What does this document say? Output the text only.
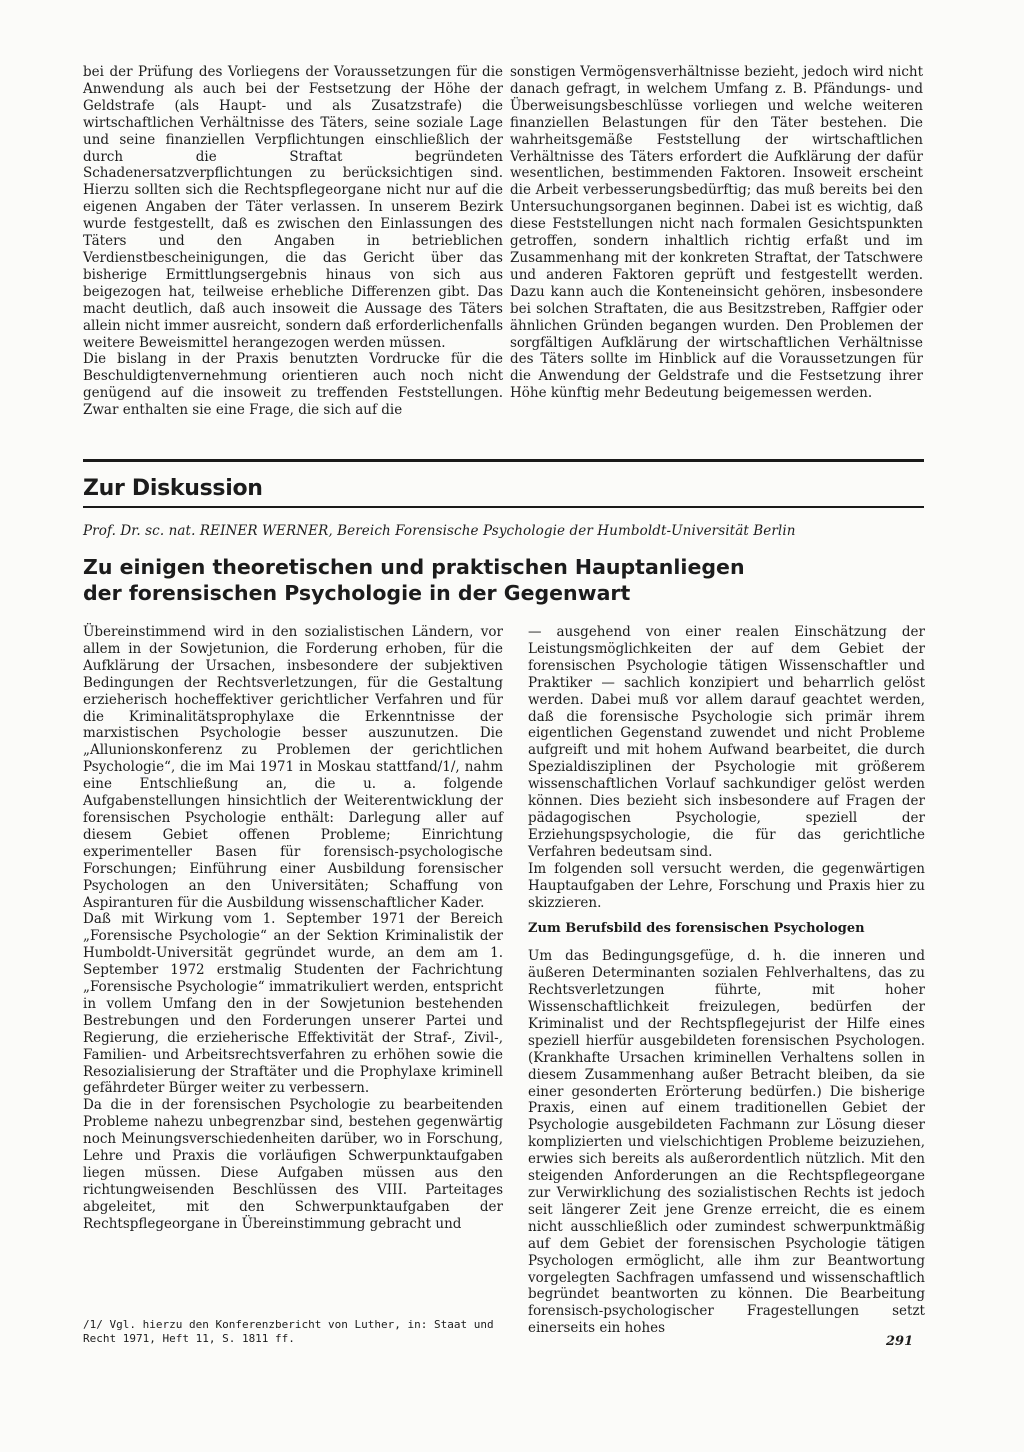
bei der Prüfung des Vorliegens der Voraussetzungen für die Anwendung als auch bei der Festsetzung der Höhe der Geldstrafe (als Haupt- und als Zusatzstrafe) die wirtschaftlichen Verhältnisse des Täters, seine soziale Lage und seine finanziellen Verpflichtungen einschließlich der durch die Straftat begründeten Schadenersatzverpflichtungen zu berücksichtigen sind. Hierzu sollten sich die Rechtspflegeorgane nicht nur auf die eigenen Angaben der Täter verlassen. In unserem Bezirk wurde festgestellt, daß es zwischen den Einlassungen des Täters und den Angaben in betrieblichen Verdienstbescheinigungen, die das Gericht über das bisherige Ermittlungsergebnis hinaus von sich aus beigezogen hat, teilweise erhebliche Differenzen gibt. Das macht deutlich, daß auch insoweit die Aussage des Täters allein nicht immer ausreicht, sondern daß erforderlichenfalls weitere Beweismittel herangezogen werden müssen.

Die bislang in der Praxis benutzten Vordrucke für die Beschuldigtenvernehmung orientieren auch noch nicht genügend auf die insoweit zu treffenden Feststellungen. Zwar enthalten sie eine Frage, die sich auf die

sonstigen Vermögensverhältnisse bezieht, jedoch wird nicht danach gefragt, in welchem Umfang z. B. Pfändungs- und Überweisungsbeschlüsse vorliegen und welche weiteren finanziellen Belastungen für den Täter bestehen. Die wahrheitsgemäße Feststellung der wirtschaftlichen Verhältnisse des Täters erfordert die Aufklärung der dafür wesentlichen, bestimmenden Faktoren. Insoweit erscheint die Arbeit verbesserungsbedürftig; das muß bereits bei den Untersuchungsorganen beginnen. Dabei ist es wichtig, daß diese Feststellungen nicht nach formalen Gesichtspunkten getroffen, sondern inhaltlich richtig erfaßt und im Zusammenhang mit der konkreten Straftat, der Tatschwere und anderen Faktoren geprüft und festgestellt werden. Dazu kann auch die Konteneinsicht gehören, insbesondere bei solchen Straftaten, die aus Besitzstreben, Raffgier oder ähnlichen Gründen begangen wurden. Den Problemen der sorgfältigen Aufklärung der wirtschaftlichen Verhältnisse des Täters sollte im Hinblick auf die Voraussetzungen für die Anwendung der Geldstrafe und die Festsetzung ihrer Höhe künftig mehr Bedeutung beigemessen werden.

Zur Diskussion
Prof. Dr. sc. nat. REINER WERNER, Bereich Forensische Psychologie der Humboldt-Universität Berlin
Zu einigen theoretischen und praktischen Hauptanliegen
der forensischen Psychologie in der Gegenwart

Übereinstimmend wird in den sozialistischen Ländern, vor allem in der Sowjetunion, die Forderung erhoben, für die Aufklärung der Ursachen, insbesondere der subjektiven Bedingungen der Rechtsverletzungen, für die Gestaltung erzieherisch hocheffektiver gerichtlicher Verfahren und für die Kriminalitätsprophylaxe die Erkenntnisse der marxistischen Psychologie besser auszunutzen. Die „Allunionskonferenz zu Problemen der gerichtlichen Psychologie“, die im Mai 1971 in Moskau stattfand/1/, nahm eine Entschließung an, die u. a. folgende Aufgabenstellungen hinsichtlich der Weiterentwicklung der forensischen Psychologie enthält: Darlegung aller auf diesem Gebiet offenen Probleme; Einrichtung experimenteller Basen für forensisch-psychologische Forschungen; Einführung einer Ausbildung forensischer Psychologen an den Universitäten; Schaffung von Aspiranturen für die Ausbildung wissenschaftlicher Kader.

Daß mit Wirkung vom 1. September 1971 der Bereich „Forensische Psychologie“ an der Sektion Kriminalistik der Humboldt-Universität gegründet wurde, an dem am 1. September 1972 erstmalig Studenten der Fachrichtung „Forensische Psychologie“ immatrikuliert werden, entspricht in vollem Umfang den in der Sowjetunion bestehenden Bestrebungen und den Forderungen unserer Partei und Regierung, die erzieherische Effektivität der Straf-, Zivil-, Familien- und Arbeitsrechtsverfahren zu erhöhen sowie die Resozialisierung der Straftäter und die Prophylaxe kriminell gefährdeter Bürger weiter zu verbessern.

Da die in der forensischen Psychologie zu bearbeitenden Probleme nahezu unbegrenzbar sind, bestehen gegenwärtig noch Meinungsverschiedenheiten darüber, wo in Forschung, Lehre und Praxis die vorläufigen Schwerpunktaufgaben liegen müssen. Diese Aufgaben müssen aus den richtungweisenden Beschlüssen des VIII. Parteitages abgeleitet, mit den Schwerpunktaufgaben der Rechtspflegeorgane in Übereinstimmung gebracht und

— ausgehend von einer realen Einschätzung der Leistungsmöglichkeiten der auf dem Gebiet der forensischen Psychologie tätigen Wissenschaftler und Praktiker — sachlich konzipiert und beharrlich gelöst werden. Dabei muß vor allem darauf geachtet werden, daß die forensische Psychologie sich primär ihrem eigentlichen Gegenstand zuwendet und nicht Probleme aufgreift und mit hohem Aufwand bearbeitet, die durch Spezialdisziplinen der Psychologie mit größerem wissenschaftlichen Vorlauf sachkundiger gelöst werden können. Dies bezieht sich insbesondere auf Fragen der pädagogischen Psychologie, speziell der Erziehungspsychologie, die für das gerichtliche Verfahren bedeutsam sind.

Im folgenden soll versucht werden, die gegenwärtigen Hauptaufgaben der Lehre, Forschung und Praxis hier zu skizzieren.

Zum Berufsbild des forensischen Psychologen

Um das Bedingungsgefüge, d. h. die inneren und äußeren Determinanten sozialen Fehlverhaltens, das zu Rechtsverletzungen führte, mit hoher Wissenschaftlichkeit freizulegen, bedürfen der Kriminalist und der Rechtspflegejurist der Hilfe eines speziell hierfür ausgebildeten forensischen Psychologen. (Krankhafte Ursachen kriminellen Verhaltens sollen in diesem Zusammenhang außer Betracht bleiben, da sie einer gesonderten Erörterung bedürfen.) Die bisherige Praxis, einen auf einem traditionellen Gebiet der Psychologie ausgebildeten Fachmann zur Lösung dieser komplizierten und vielschichtigen Probleme beizuziehen, erwies sich bereits als außerordentlich nützlich. Mit den steigenden Anforderungen an die Rechtspflegeorgane zur Verwirklichung des sozialistischen Rechts ist jedoch seit längerer Zeit jene Grenze erreicht, die es einem nicht ausschließlich oder zumindest schwerpunktmäßig auf dem Gebiet der forensischen Psychologie tätigen Psychologen ermöglicht, alle ihm zur Beantwortung vorgelegten Sachfragen umfassend und wissenschaftlich begründet beantworten zu können. Die Bearbeitung forensisch-psychologischer Fragestellungen setzt einerseits ein hohes

/1/ Vgl. hierzu den Konferenzbericht von Luther, in: Staat und Recht 1971, Heft 11, S. 1811 ff.	291
